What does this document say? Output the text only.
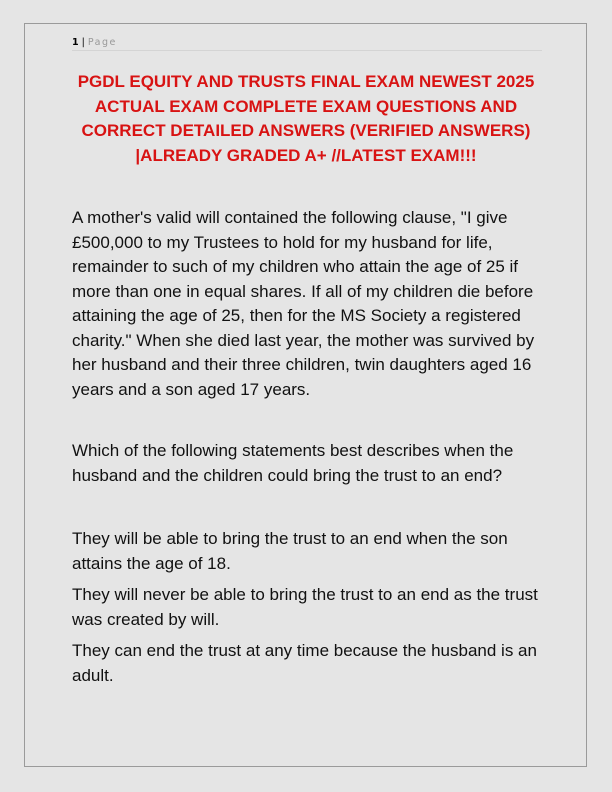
1 | Page
PGDL EQUITY AND TRUSTS FINAL EXAM NEWEST 2025 ACTUAL EXAM COMPLETE EXAM QUESTIONS AND CORRECT DETAILED ANSWERS (VERIFIED ANSWERS) |ALREADY GRADED A+ //LATEST EXAM!!!

A mother's valid will contained the following clause, "I give £500,000 to my Trustees to hold for my husband for life, remainder to such of my children who attain the age of 25 if more than one in equal shares. If all of my children die before attaining the age of 25, then for the MS Society a registered charity." When she died last year, the mother was survived by her husband and their three children, twin daughters aged 16 years and a son aged 17 years.

Which of the following statements best describes when the husband and the children could bring the trust to an end?

They will be able to bring the trust to an end when the son attains the age of 18.

They will never be able to bring the trust to an end as the trust was created by will.

They can end the trust at any time because the husband is an adult.
